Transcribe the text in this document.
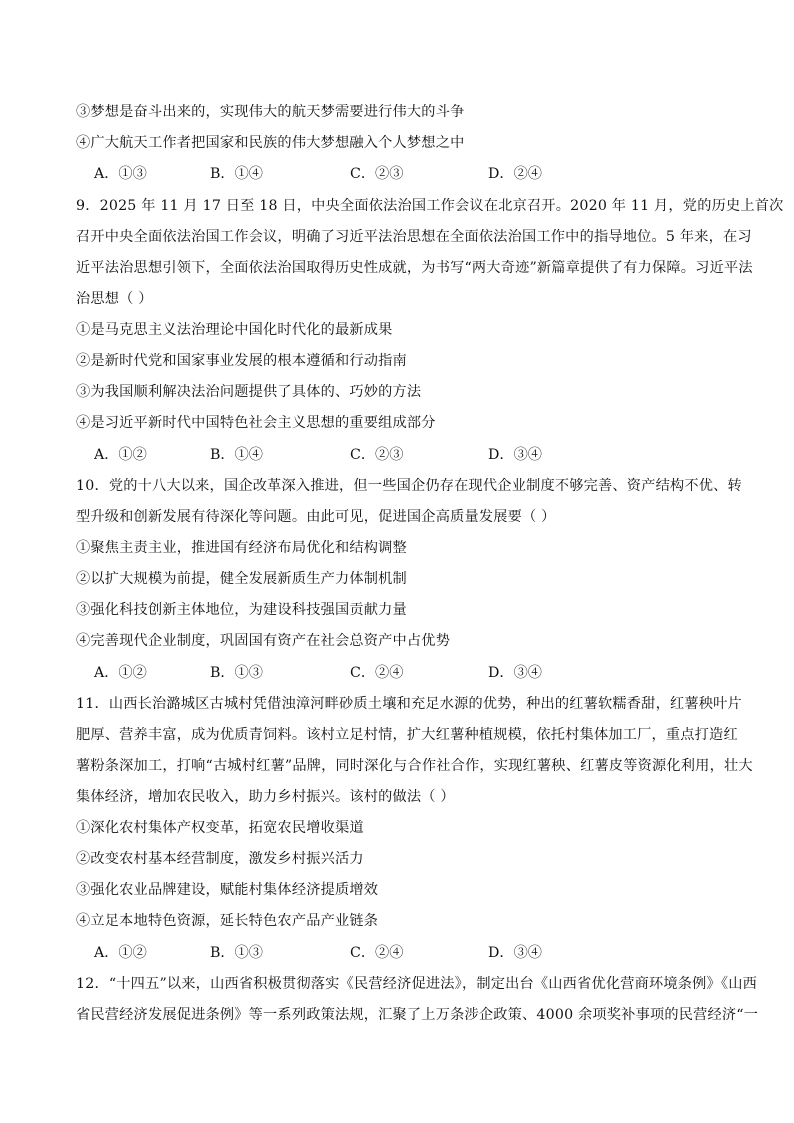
③梦想是奋斗出来的，实现伟大的航天梦需要进行伟大的斗争
④广大航天工作者把国家和民族的伟大梦想融入个人梦想之中
A．①③	B．①④	C．②③	D．②④
9．2025 年 11 月 17 日至 18 日，中央全面依法治国工作会议在北京召开。2020 年 11 月，党的历史上首次
召开中央全面依法治国工作会议，明确了习近平法治思想在全面依法治国工作中的指导地位。5 年来，在习
近平法治思想引领下，全面依法治国取得历史性成就，为书写“两大奇迹”新篇章提供了有力保障。习近平法
治思想（ ）
①是马克思主义法治理论中国化时代化的最新成果
②是新时代党和国家事业发展的根本遵循和行动指南
③为我国顺利解决法治问题提供了具体的、巧妙的方法
④是习近平新时代中国特色社会主义思想的重要组成部分
A．①②	B．①④	C．②③	D．③④
10．党的十八大以来，国企改革深入推进，但一些国企仍存在现代企业制度不够完善、资产结构不优、转
型升级和创新发展有待深化等问题。由此可见，促进国企高质量发展要（ ）
①聚焦主责主业，推进国有经济布局优化和结构调整
②以扩大规模为前提，健全发展新质生产力体制机制
③强化科技创新主体地位，为建设科技强国贡献力量
④完善现代企业制度，巩固国有资产在社会总资产中占优势
A．①②	B．①③	C．②④	D．③④
11．山西长治潞城区古城村凭借浊漳河畔砂质土壤和充足水源的优势，种出的红薯软糯香甜，红薯秧叶片
肥厚、营养丰富，成为优质青饲料。该村立足村情，扩大红薯种植规模，依托村集体加工厂，重点打造红
薯粉条深加工，打响“古城村红薯”品牌，同时深化与合作社合作，实现红薯秧、红薯皮等资源化利用，壮大
集体经济，增加农民收入，助力乡村振兴。该村的做法（ ）
①深化农村集体产权变革，拓宽农民增收渠道
②改变农村基本经营制度，激发乡村振兴活力
③强化农业品牌建设，赋能村集体经济提质增效
④立足本地特色资源，延长特色农产品产业链条
A．①②	B．①③	C．②④	D．③④
12．“十四五”以来，山西省积极贯彻落实《民营经济促进法》，制定出台《山西省优化营商环境条例》《山西
省民营经济发展促进条例》等一系列政策法规，汇聚了上万条涉企政策、4000 余项奖补事项的民营经济“一
